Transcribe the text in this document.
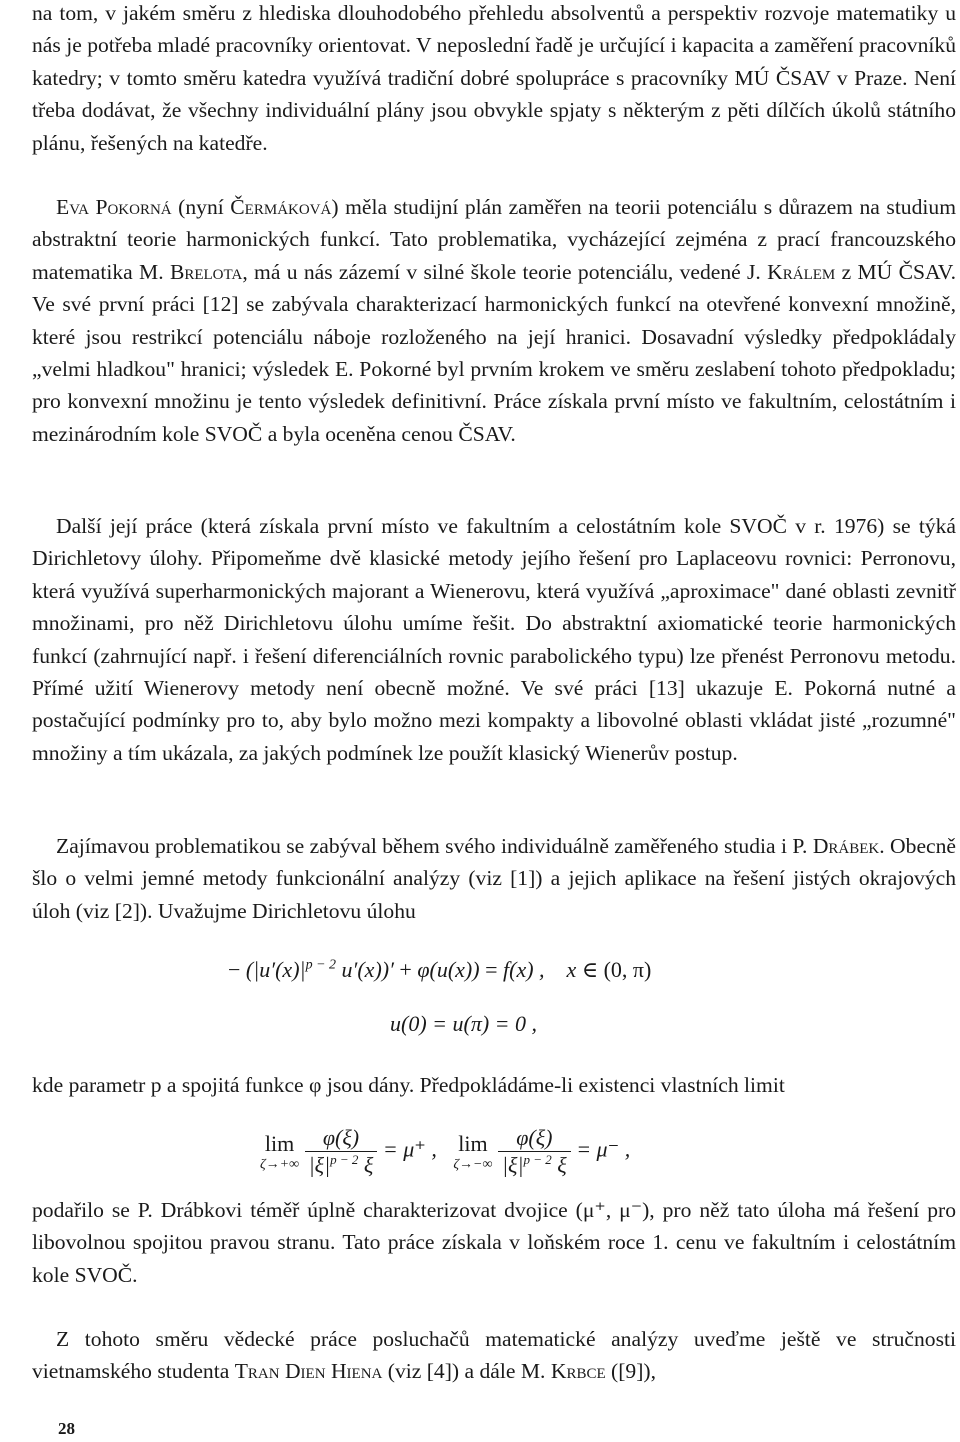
na tom, v jakém směru z hlediska dlouhodobého přehledu absolventů a perspektiv rozvoje matematiky u nás je potřeba mladé pracovníky orientovat. V neposlední řadě je určující i kapacita a zaměření pracovníků katedry; v tomto směru katedra využívá tradiční dobré spolupráce s pracovníky MÚ ČSAV v Praze. Není třeba dodávat, že všechny individuální plány jsou obvykle spjaty s některým z pěti dílčích úkolů státního plánu, řešených na katedře.

Eva Pokorná (nyní Čermáková) měla studijní plán zaměřen na teorii potenciálu s důrazem na studium abstraktní teorie harmonických funkcí. Tato problematika, vycházející zejména z prací francouzského matematika M. Brelota, má u nás zázemí v silné škole teorie potenciálu, vedené J. Králem z MÚ ČSAV. Ve své první práci [12] se zabývala charakterizací harmonických funkcí na otevřené konvexní množině, které jsou restrikcí potenciálu náboje rozloženého na její hranici. Dosavadní výsledky předpokládaly „velmi hladkou" hranici; výsledek E. Pokorné byl prvním krokem ve směru zeslabení tohoto předpokladu; pro konvexní množinu je tento výsledek definitivní. Práce získala první místo ve fakultním, celostátním i mezinárodním kole SVOČ a byla oceněna cenou ČSAV.

Další její práce (která získala první místo ve fakultním a celostátním kole SVOČ v r. 1976) se týká Dirichletovy úlohy. Připomeňme dvě klasické metody jejího řešení pro Laplaceovu rovnici: Perronovu, která využívá superharmonických majorant a Wienerovu, která využívá „aproximace" dané oblasti zevnitř množinami, pro něž Dirichletovu úlohu umíme řešit. Do abstraktní axiomatické teorie harmonických funkcí (zahrnující např. i řešení diferenciálních rovnic parabolického typu) lze přenést Perronovu metodu. Přímé užití Wienerovy metody není obecně možné. Ve své práci [13] ukazuje E. Pokorná nutné a postačující podmínky pro to, aby bylo možno mezi kompakty a libovolné oblasti vkládat jisté „rozumné" množiny a tím ukázala, za jakých podmínek lze použít klasický Wienerův postup.

Zajímavou problematikou se zabýval během svého individuálně zaměřeného studia i P. Drábek. Obecně šlo o velmi jemné metody funkcionální analýzy (viz [1]) a jejich aplikace na řešení jistých okrajových úloh (viz [2]). Uvažujme Dirichletovu úlohu

− ($|u'(x)|^{p - 2}$ u′(x))′ + φ(u(x)) = f(x) ,    x ∈ (0, π)
u(0) = u(π) = 0 ,

kde parametr p a spojitá funkce φ jsou dány. Předpokládáme-li existenci vlastních limit

lim
ζ→+∞
$\frac{\varphi(\xi)}{|\xi|^{p - 2} \xi} = \mu^+$ , lim
ζ→−∞
$\frac{\varphi(\xi)}{|\xi|^{p - 2} \xi} = \mu^-$ ,

podařilo se P. Drábkovi téměř úplně charakterizovat dvojice (μ⁺, μ⁻), pro něž tato úloha má řešení pro libovolnou spojitou pravou stranu. Tato práce získala v loňském roce 1. cenu ve fakultním i celostátním kole SVOČ.

Z tohoto směru vědecké práce posluchačů matematické analýzy uveďme ještě ve stručnosti vietnamského studenta Tran Dien Hiena (viz [4]) a dále M. Krbce ([9]),

28
